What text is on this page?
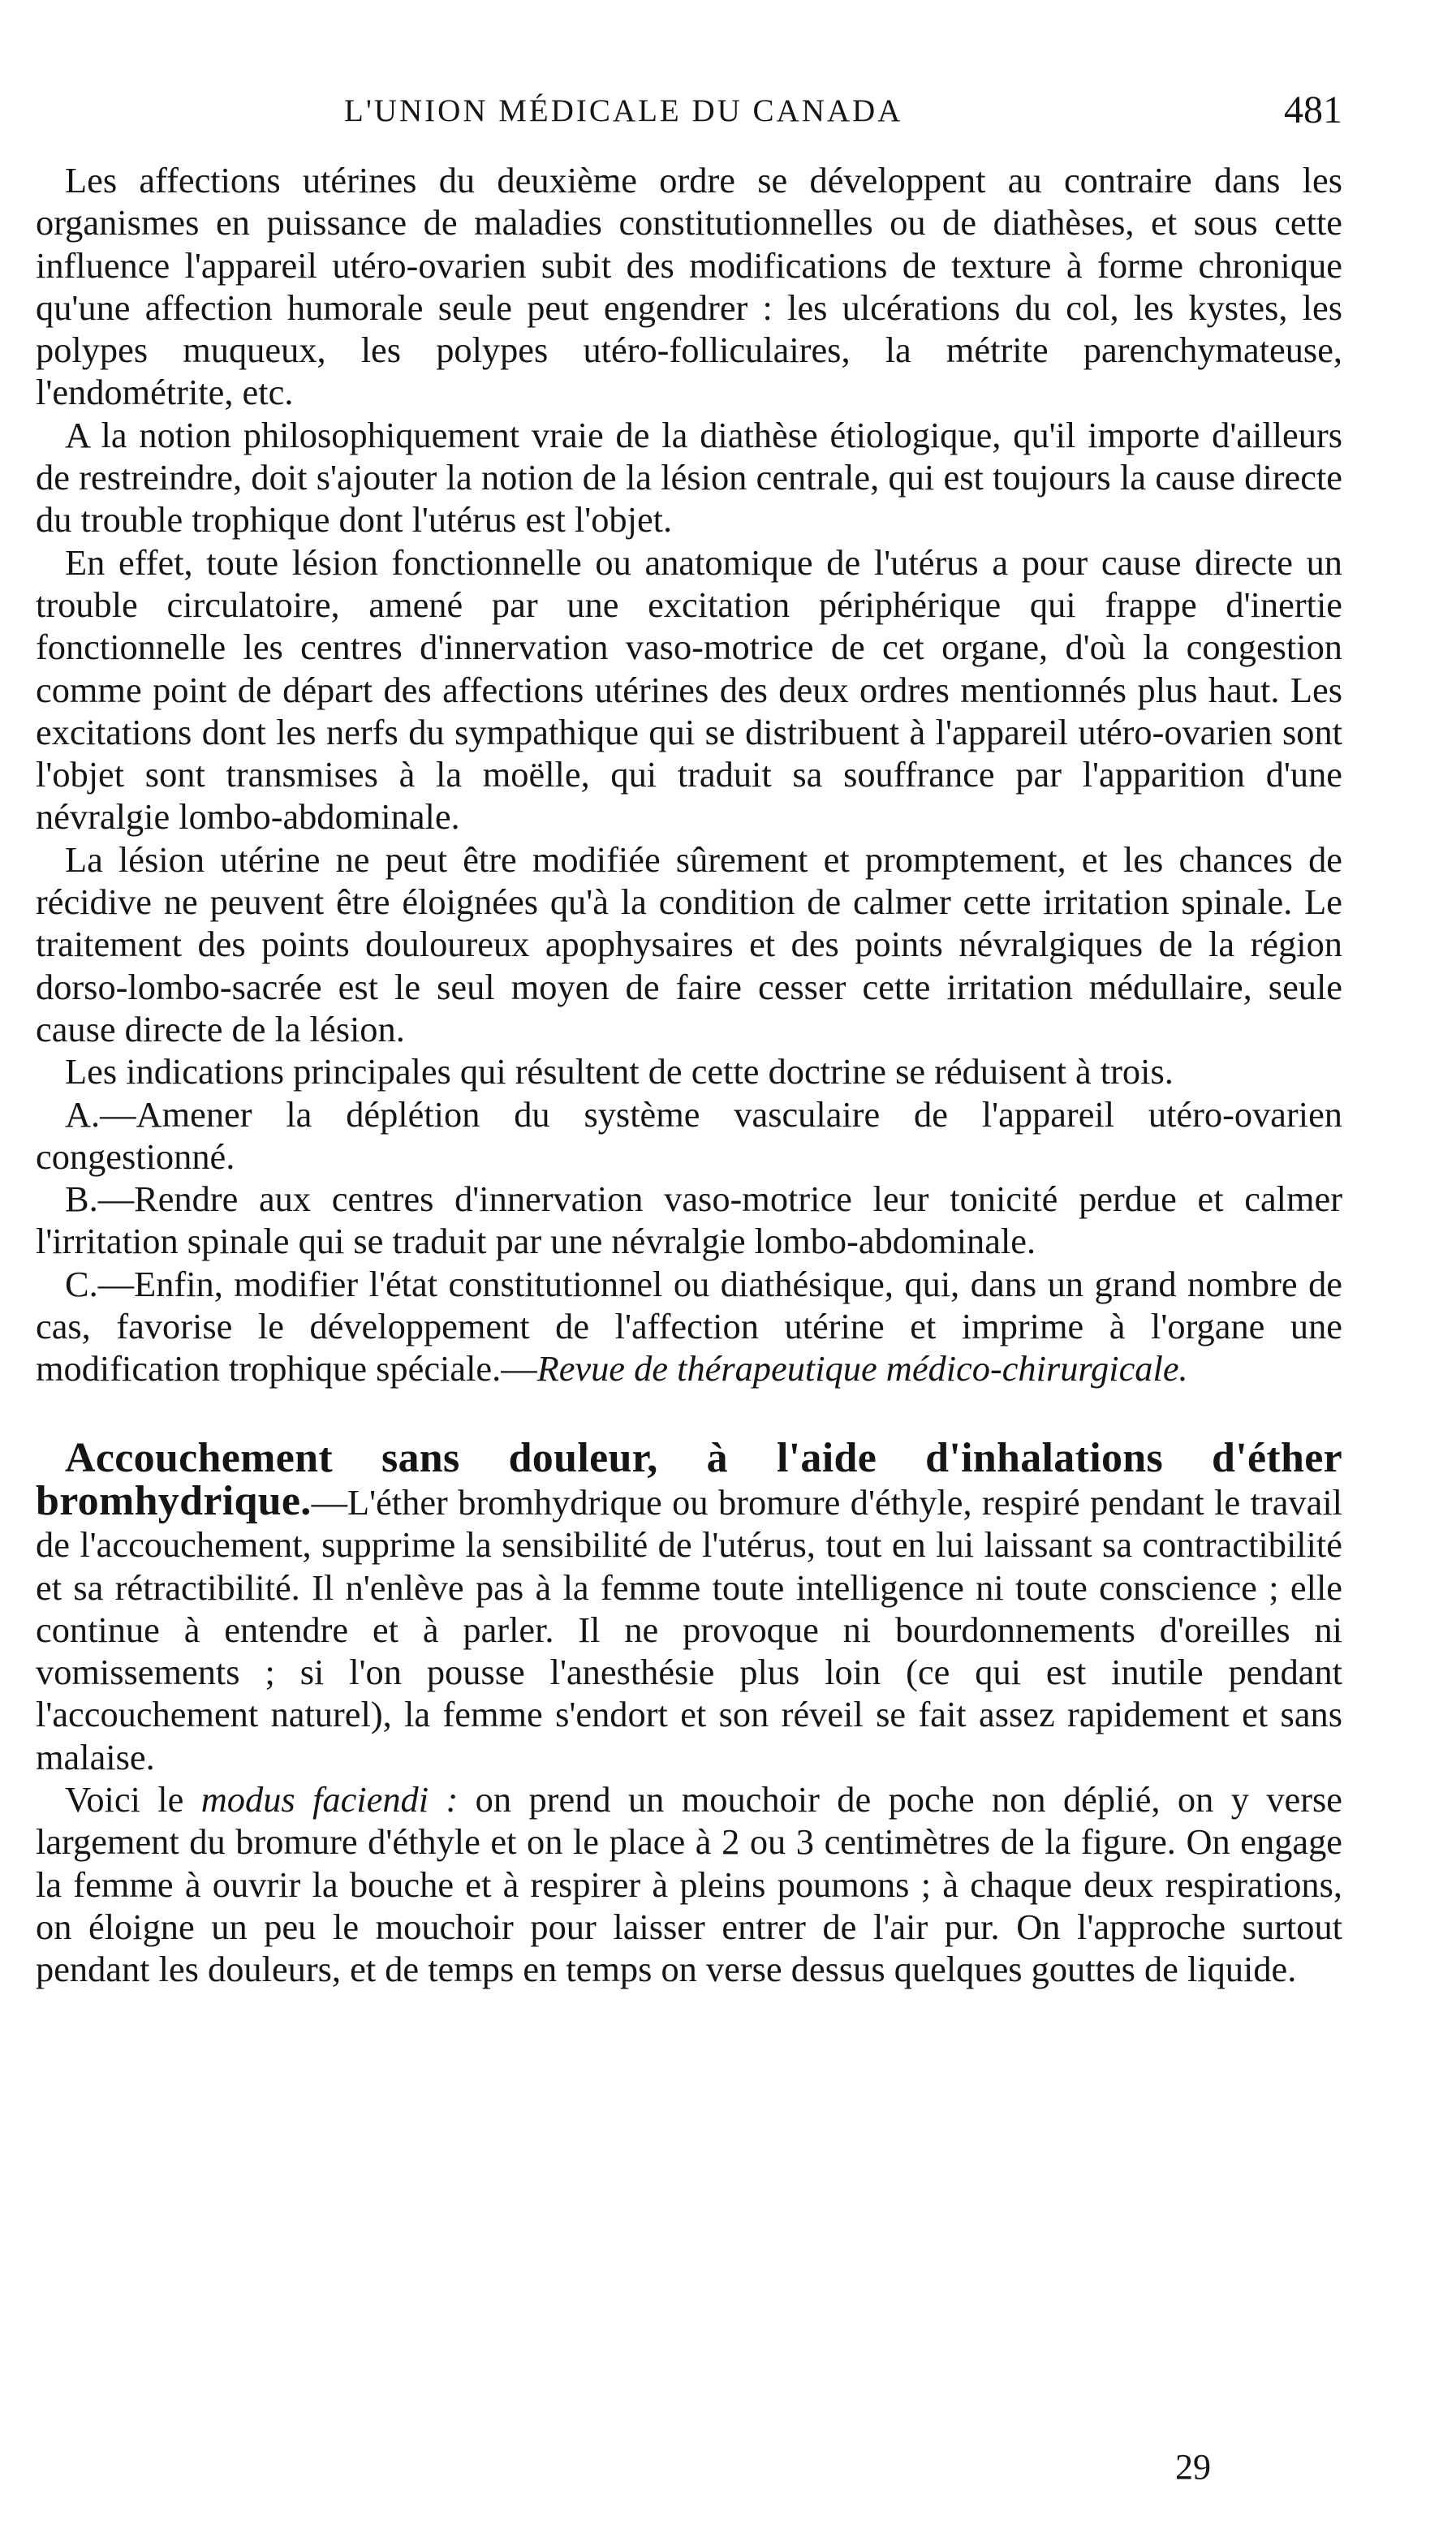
L'UNION MÉDICALE DU CANADA	481

Les affections utérines du deuxième ordre se développent au contraire dans les organismes en puissance de maladies constitutionnelles ou de diathèses, et sous cette influence l'appareil utéro-ovarien subit des modifications de texture à forme chronique qu'une affection humorale seule peut engendrer : les ulcérations du col, les kystes, les polypes muqueux, les polypes utéro-folliculaires, la métrite parenchymateuse, l'endométrite, etc.

A la notion philosophiquement vraie de la diathèse étiologique, qu'il importe d'ailleurs de restreindre, doit s'ajouter la notion de la lésion centrale, qui est toujours la cause directe du trouble trophique dont l'utérus est l'objet.

En effet, toute lésion fonctionnelle ou anatomique de l'utérus a pour cause directe un trouble circulatoire, amené par une excitation périphérique qui frappe d'inertie fonctionnelle les centres d'innervation vaso-motrice de cet organe, d'où la congestion comme point de départ des affections utérines des deux ordres mentionnés plus haut. Les excitations dont les nerfs du sympathique qui se distribuent à l'appareil utéro-ovarien sont l'objet sont transmises à la moëlle, qui traduit sa souffrance par l'apparition d'une névralgie lombo-abdominale.

La lésion utérine ne peut être modifiée sûrement et promptement, et les chances de récidive ne peuvent être éloignées qu'à la condition de calmer cette irritation spinale. Le traitement des points douloureux apophysaires et des points névralgiques de la région dorso-lombo-sacrée est le seul moyen de faire cesser cette irritation médullaire, seule cause directe de la lésion.

Les indications principales qui résultent de cette doctrine se réduisent à trois.

A.—Amener la déplétion du système vasculaire de l'appareil utéro-ovarien congestionné.

B.—Rendre aux centres d'innervation vaso-motrice leur tonicité perdue et calmer l'irritation spinale qui se traduit par une névralgie lombo-abdominale.

C.—Enfin, modifier l'état constitutionnel ou diathésique, qui, dans un grand nombre de cas, favorise le développement de l'affection utérine et imprime à l'organe une modification trophique spéciale.—Revue de thérapeutique médico-chirurgicale.

Accouchement sans douleur, à l'aide d'inhalations d'éther bromhydrique.—L'éther bromhydrique ou bromure d'éthyle, respiré pendant le travail de l'accouchement, supprime la sensibilité de l'utérus, tout en lui laissant sa contractibilité et sa rétractibilité. Il n'enlève pas à la femme toute intelligence ni toute conscience ; elle continue à entendre et à parler. Il ne provoque ni bourdonnements d'oreilles ni vomissements ; si l'on pousse l'anesthésie plus loin (ce qui est inutile pendant l'accouchement naturel), la femme s'endort et son réveil se fait assez rapidement et sans malaise.

Voici le modus faciendi : on prend un mouchoir de poche non déplié, on y verse largement du bromure d'éthyle et on le place à 2 ou 3 centimètres de la figure. On engage la femme à ouvrir la bouche et à respirer à pleins poumons ; à chaque deux respirations, on éloigne un peu le mouchoir pour laisser entrer de l'air pur. On l'approche surtout pendant les douleurs, et de temps en temps on verse dessus quelques gouttes de liquide.

29
